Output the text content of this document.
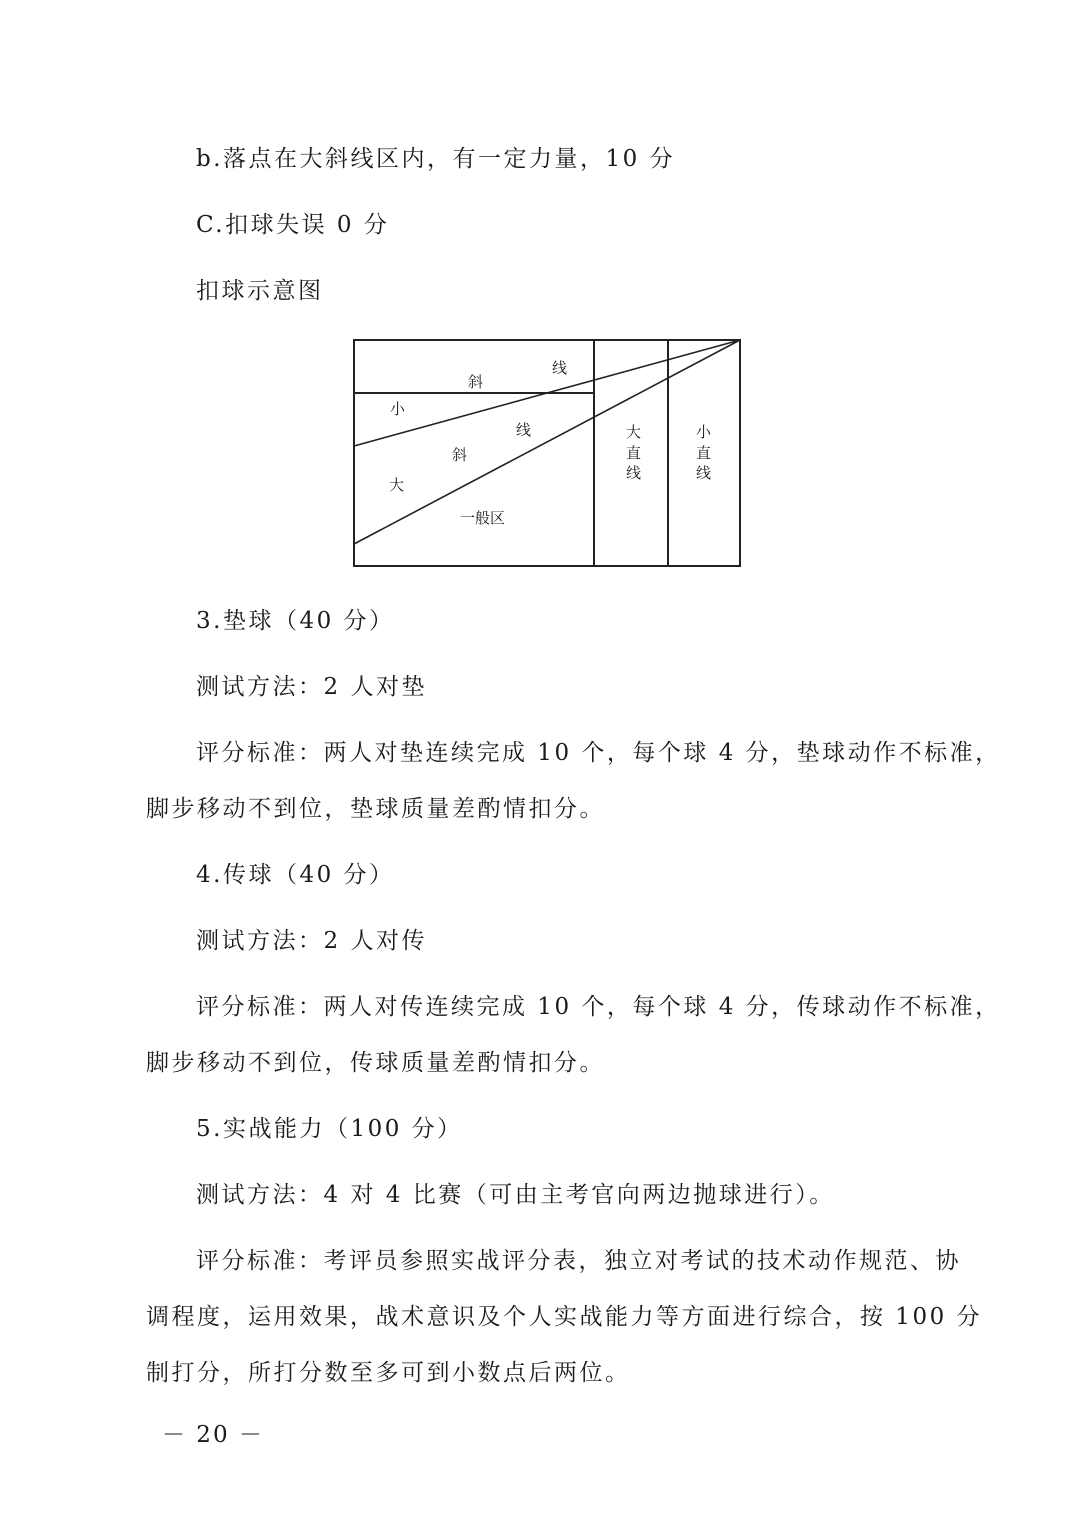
b.落点在大斜线区内，有一定力量，10 分
C.扣球失误 0 分
扣球示意图
斜
线
小
线
斜
大
一般区
大
直
线
小
直
线
3.垫球（40 分）
测试方法：2 人对垫
评分标准：两人对垫连续完成 10 个，每个球 4 分，垫球动作不标准，
脚步移动不到位，垫球质量差酌情扣分。
4.传球（40 分）
测试方法：2 人对传
评分标准：两人对传连续完成 10 个，每个球 4 分，传球动作不标准，
脚步移动不到位，传球质量差酌情扣分。
5.实战能力（100 分）
测试方法：4 对 4 比赛（可由主考官向两边抛球进行）。
评分标准：考评员参照实战评分表，独立对考试的技术动作规范、协
调程度，运用效果，战术意识及个人实战能力等方面进行综合，按 100 分
制打分，所打分数至多可到小数点后两位。
－ 20 －
